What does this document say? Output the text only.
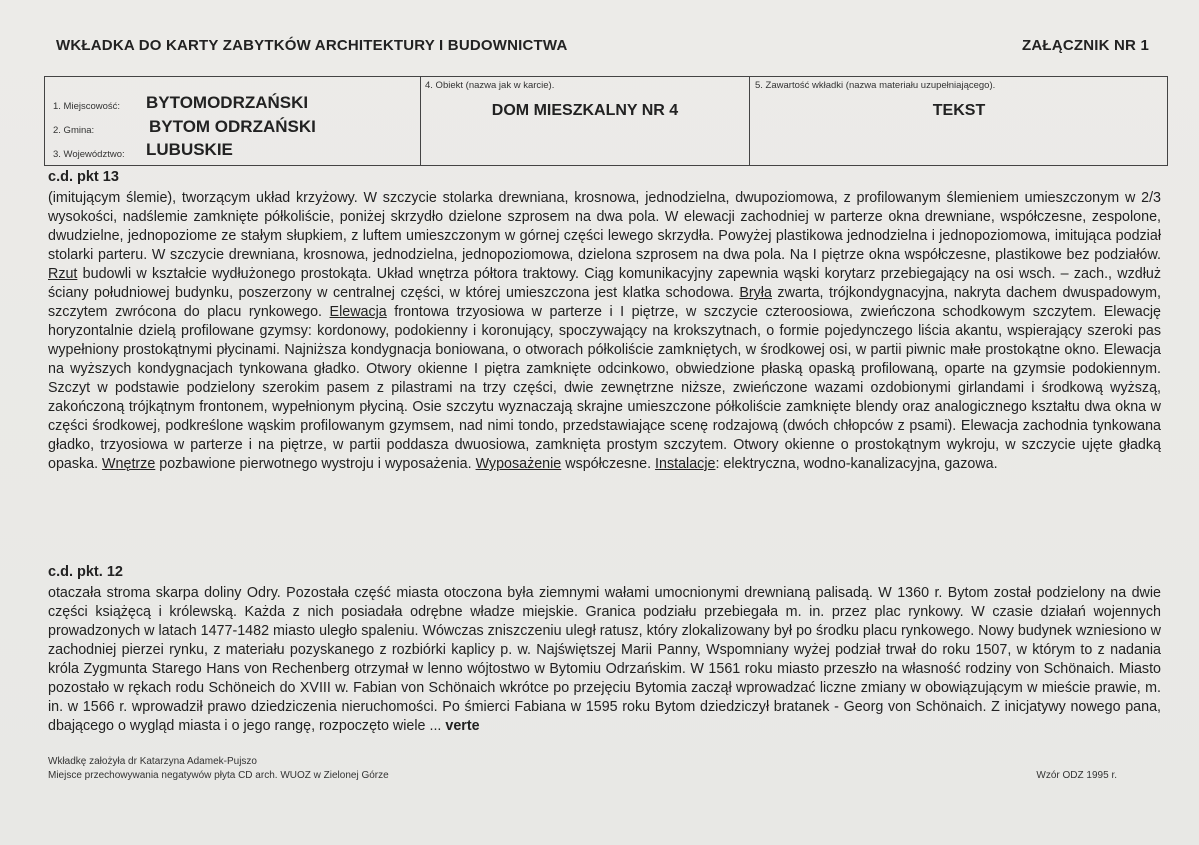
WKŁADKA DO KARTY ZABYTKÓW ARCHITEKTURY I BUDOWNICTWA	ZAŁĄCZNIK NR 1
1. Miejscowość: BYTOMODRZAŃSKI
2. Gmina:	BYTOM ODRZAŃSKI
3. Województwo: LUBUSKIE
4. Obiekt (nazwa jak w karcie).
DOM MIESZKALNY NR 4
5. Zawartość wkładki (nazwa materiału uzupełniającego).
TEKST
c.d. pkt 13
(imitującym ślemie), tworzącym układ krzyżowy. W szczycie stolarka drewniana, krosnowa, jednodzielna, dwupoziomowa, z profilowanym ślemieniem umieszczonym w 2/3 wysokości, nadślemie zamknięte półkoliście, poniżej skrzydło dzielone szprosem na dwa pola. W elewacji zachodniej w parterze okna drewniane, współczesne, zespolone, dwudzielne, jednopoziome ze stałym słupkiem, z luftem umieszczonym w górnej części lewego skrzydła. Powyżej plastikowa jednodzielna i jednopoziomowa, imitująca podział stolarki parteru. W szczycie drewniana, krosnowa, jednodzielna, jednopoziomowa, dzielona szprosem na dwa pola. Na I piętrze okna współczesne, plastikowe bez podziałów. Rzut budowli w kształcie wydłużonego prostokąta. Układ wnętrza półtora traktowy. Ciąg komunikacyjny zapewnia wąski korytarz przebiegający na osi wsch. – zach., wzdłuż ściany południowej budynku, poszerzony w centralnej części, w której umieszczona jest klatka schodowa. Bryła zwarta, trójkondygnacyjna, nakryta dachem dwuspadowym, szczytem zwrócona do placu rynkowego. Elewacja frontowa trzyosiowa w parterze i I piętrze, w szczycie czteroosiowa, zwieńczona schodkowym szczytem. Elewację horyzontalnie dzielą profilowane gzymsy: kordonowy, podokienny i koronujący, spoczywający na krokszytnach, o formie pojedynczego liścia akantu, wspierający szeroki pas wypełniony prostokątnymi płycinami. Najniższa kondygnacja boniowana, o otworach półkoliście zamkniętych, w środkowej osi, w partii piwnic małe prostokątne okno. Elewacja na wyższych kondygnacjach tynkowana gładko. Otwory okienne I piętra zamknięte odcinkowo, obwiedzione płaską opaską profilowaną, oparte na gzymsie podokiennym. Szczyt w podstawie podzielony szerokim pasem z pilastrami na trzy części, dwie zewnętrzne niższe, zwieńczone wazami ozdobionymi girlandami i środkową wyższą, zakończoną trójkątnym frontonem, wypełnionym płyciną. Osie szczytu wyznaczają skrajne umieszczone półkoliście zamknięte blendy oraz analogicznego kształtu dwa okna w części środkowej, podkreślone wąskim profilowanym gzymsem, nad nimi tondo, przedstawiające scenę rodzajową (dwóch chłopców z psami). Elewacja zachodnia tynkowana gładko, trzyosiowa w parterze i na piętrze, w partii poddasza dwuosiowa, zamknięta prostym szczytem. Otwory okienne o prostokątnym wykroju, w szczycie ujęte gładką opaska. Wnętrze pozbawione pierwotnego wystroju i wyposażenia. Wyposażenie współczesne. Instalacje: elektryczna, wodno-kanalizacyjna, gazowa.
c.d. pkt. 12
otaczała stroma skarpa doliny Odry. Pozostała część miasta otoczona była ziemnymi wałami umocnionymi drewnianą palisadą. W 1360 r. Bytom został podzielony na dwie części książęcą i królewską. Każda z nich posiadała odrębne władze miejskie. Granica podziału przebiegała m. in. przez plac rynkowy. W czasie działań wojennych prowadzonych w latach 1477-1482 miasto uległo spaleniu. Wówczas zniszczeniu uległ ratusz, który zlokalizowany był po środku placu rynkowego. Nowy budynek wzniesiono w zachodniej pierzei rynku, z materiału pozyskanego z rozbiórki kaplicy p. w. Najświętszej Marii Panny, Wspomniany wyżej podział trwał do roku 1507, w którym to z nadania króla Zygmunta Starego Hans von Rechenberg otrzymał w lenno wójtostwo w Bytomiu Odrzańskim. W 1561 roku miasto przeszło na własność rodziny von Schönaich. Miasto pozostało w rękach rodu Schöneich do XVIII w. Fabian von Schönaich wkrótce po przejęciu Bytomia zaczął wprowadzać liczne zmiany w obowiązującym w mieście prawie, m. in. w 1566 r. wprowadził prawo dziedziczenia nieruchomości. Po śmierci Fabiana w 1595 roku Bytom dziedziczył bratanek - Georg von Schönaich. Z inicjatywy nowego pana, dbającego o wygląd miasta i o jego rangę, rozpoczęto wiele ... verte
Wkładkę założyła dr Katarzyna Adamek-Pujszo
Miejsce przechowywania negatywów płyta CD arch. WUOZ w Zielonej Górze	Wzór ODZ 1995 r.
